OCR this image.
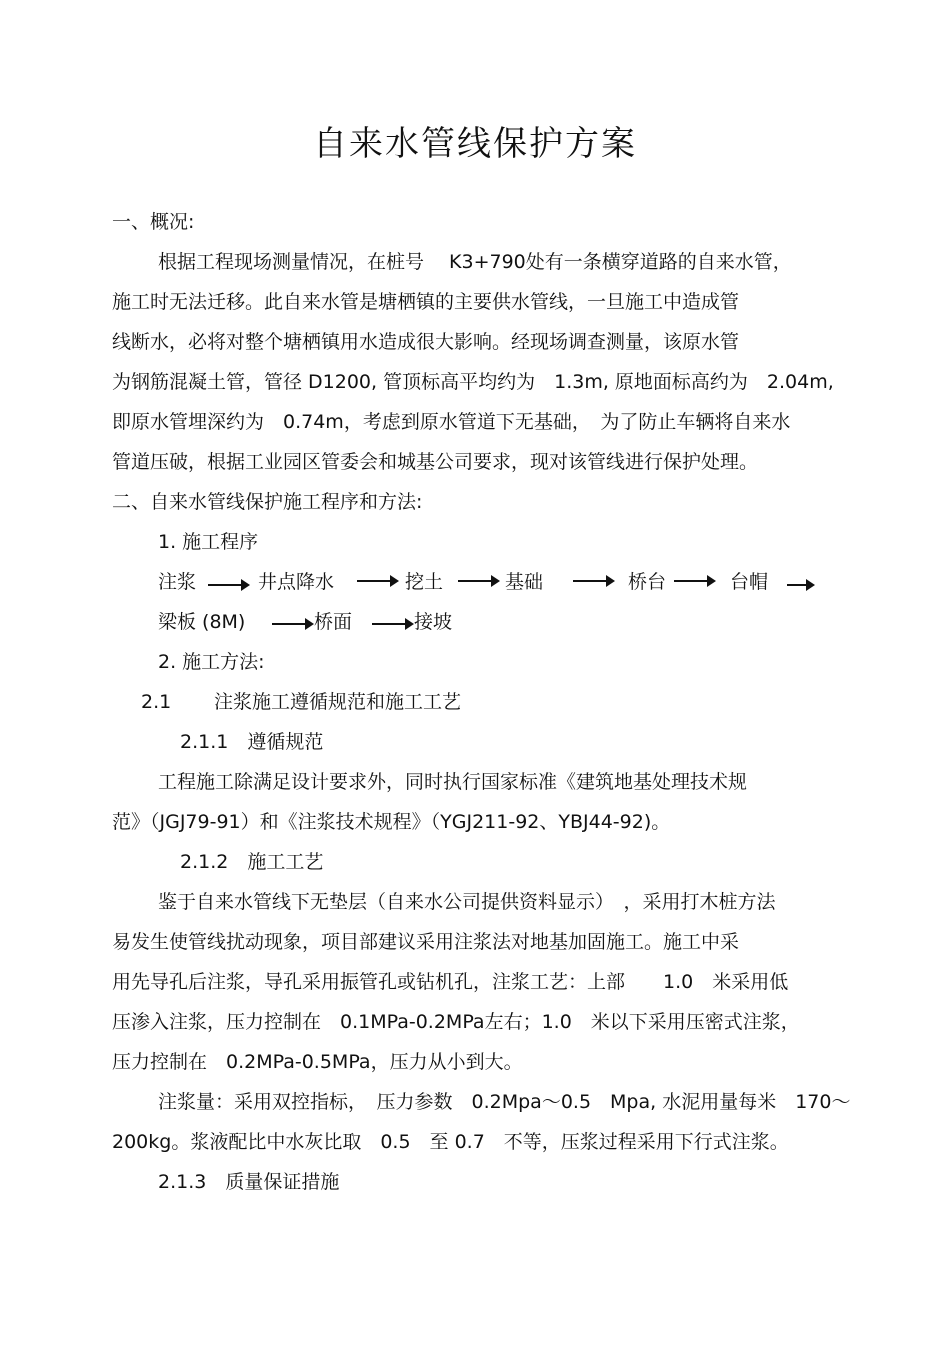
自来水管线保护方案
一、概况:
根据工程现场测量情况，在桩号　 K3+790处有一条横穿道路的自来水管，
施工时无法迁移。此自来水管是塘栖镇的主要供水管线，一旦施工中造成管
线断水，必将对整个塘栖镇用水造成很大影响。经现场调查测量，该原水管
为钢筋混凝土管，管径 D1200, 管顶标高平均约为　1.3m, 原地面标高约为　2.04m,
即原水管埋深约为　0.74m，考虑到原水管道下无基础，　为了防止车辆将自来水
管道压破，根据工业园区管委会和城基公司要求，现对该管线进行保护处理。
二、自来水管线保护施工程序和方法:
1. 施工程序
注浆	井点降水	挖土	基础	桥台	台帽
梁板 (8M)	桥面	接坡
2. 施工方法:
2.1 注浆施工遵循规范和施工工艺
2.1.1　遵循规范
工程施工除满足设计要求外，同时执行国家标准《建筑地基处理技术规
范》（JGJ79-91）和《注浆技术规程》（YGJ211-92、YBJ44-92)。
2.1.2　施工工艺
鉴于自来水管线下无垫层（自来水公司提供资料显示）　，采用打木桩方法
易发生使管线扰动现象，项目部建议采用注浆法对地基加固施工。施工中采
用先导孔后注浆，导孔采用振管孔或钻机孔，注浆工艺：上部　　1.0　米采用低
压渗入注浆，压力控制在　0.1MPa-0.2MPa左右；1.0　米以下采用压密式注浆，
压力控制在　0.2MPa-0.5MPa，压力从小到大。
注浆量：采用双控指标，　压力参数　0.2Mpa～0.5　Mpa, 水泥用量每米　170～
200kg。浆液配比中水灰比取　0.5　至 0.7　不等，压浆过程采用下行式注浆。
2.1.3　质量保证措施
